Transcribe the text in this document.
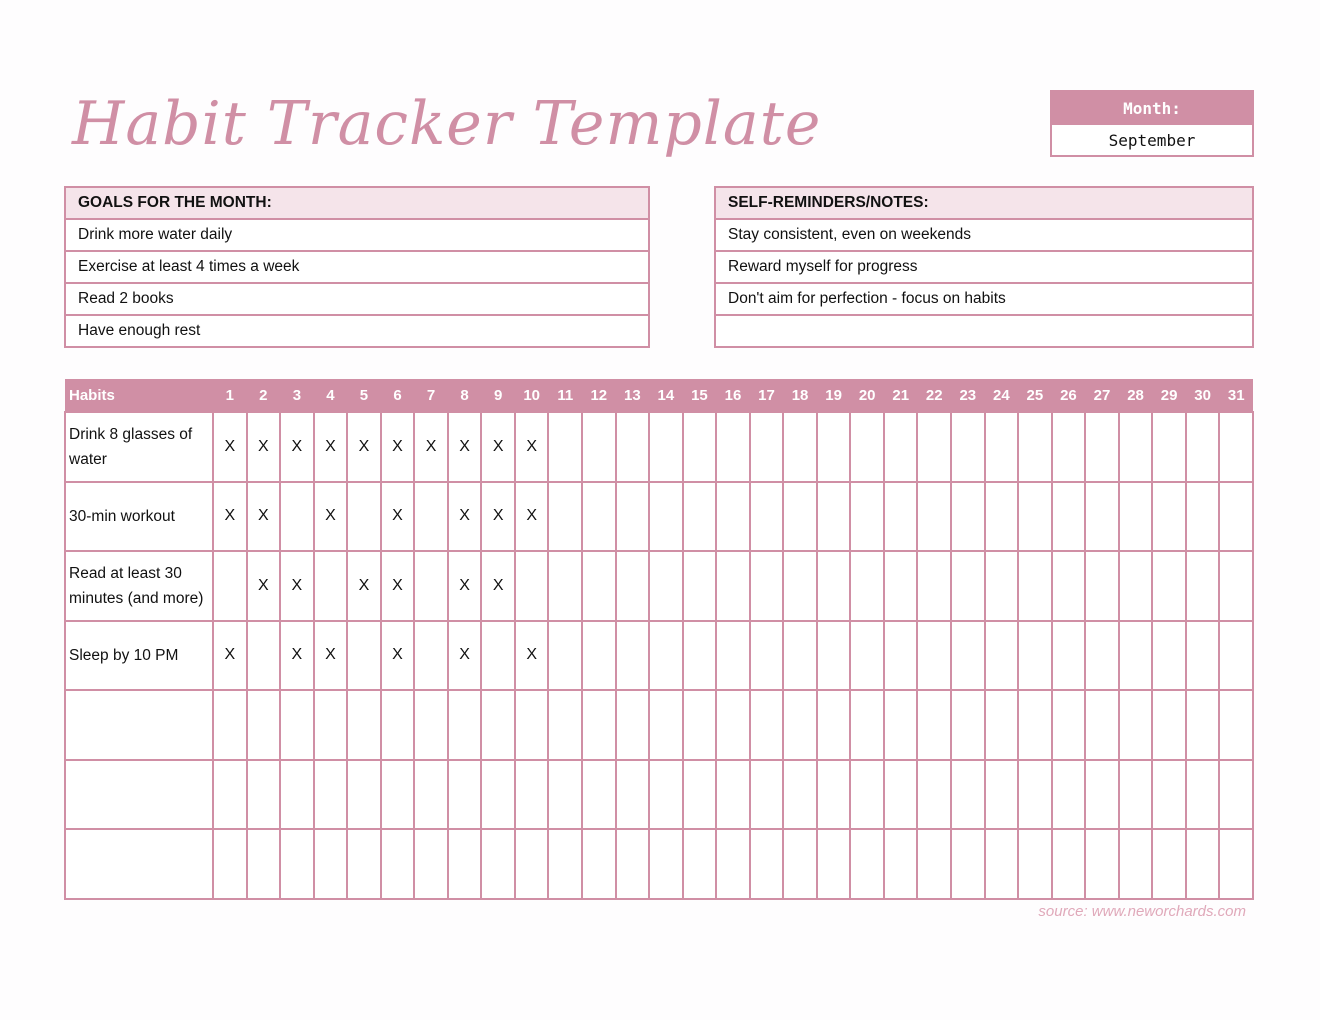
Habit Tracker Template	Month:
September
GOALS FOR THE MONTH:
Drink more water daily
Exercise at least 4 times a week
Read 2 books
Have enough rest
SELF-REMINDERS/NOTES:
Stay consistent, even on weekends
Reward myself for progress
Don't aim for perfection - focus on habits
Habits	1	2	3	4	5	6	7	8	9	10	11	12	13	14	15	16	17	18	19	20	21	22	23	24	25	26	27	28	29	30	31
Drink 8 glasses of water	X	X	X	X	X	X	X	X	X	X																					
30-min workout	X	X		X		X		X	X	X																					
Read at least 30 minutes (and more)		X	X		X	X		X	X																						
Sleep by 10 PM	X		X	X		X		X		X																					

source: www.neworchards.com
